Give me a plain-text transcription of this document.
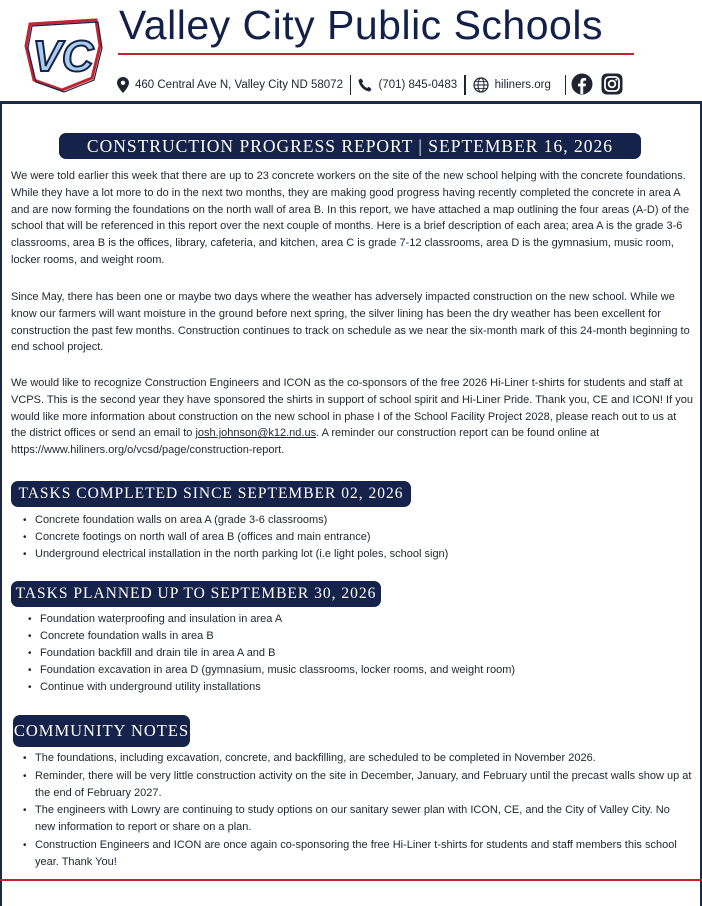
VC
Valley City Public Schools
460 Central Ave N, Valley City ND 58072	(701) 845-0483	hiliners.org
CONSTRUCTION PROGRESS REPORT | SEPTEMBER 16, 2026

We were told earlier this week that there are up to 23 concrete workers on the site of the new school helping with the concrete foundations. While they have a lot more to do in the next two months, they are making good progress having recently completed the concrete in area A and are now forming the foundations on the north wall of area B. In this report, we have attached a map outlining the four areas (A-D) of the school that will be referenced in this report over the next couple of months. Here is a brief description of each area; area A is the grade 3-6 classrooms, area B is the offices, library, cafeteria, and kitchen, area C is grade 7-12 classrooms, area D is the gymnasium, music room, locker rooms, and weight room.

Since May, there has been one or maybe two days where the weather has adversely impacted construction on the new school. While we know our farmers will want moisture in the ground before next spring, the silver lining has been the dry weather has been excellent for construction the past few months. Construction continues to track on schedule as we near the six-month mark of this 24-month beginning to end school project.

We would like to recognize Construction Engineers and ICON as the co-sponsors of the free 2026 Hi-Liner t-shirts for students and staff at VCPS. This is the second year they have sponsored the shirts in support of school spirit and Hi-Liner Pride. Thank you, CE and ICON! If you would like more information about construction on the new school in phase I of the School Facility Project 2028, please reach out to us at the district offices or send an email to josh.johnson@k12.nd.us. A reminder our construction report can be found online at https://www.hiliners.org/o/vcsd/page/construction-report.

TASKS COMPLETED SINCE SEPTEMBER 02, 2026
• Concrete foundation walls on area A (grade 3-6 classrooms)
• Concrete footings on north wall of area B (offices and main entrance)
• Underground electrical installation in the north parking lot (i.e light poles, school sign)
TASKS PLANNED UP TO SEPTEMBER 30, 2026
• Foundation waterproofing and insulation in area A
• Concrete foundation walls in area B
• Foundation backfill and drain tile in area A and B
• Foundation excavation in area D (gymnasium, music classrooms, locker rooms, and weight room)
• Continue with underground utility installations
COMMUNITY NOTES
• The foundations, including excavation, concrete, and backfilling, are scheduled to be completed in November 2026.
• Reminder, there will be very little construction activity on the site in December, January, and February until the precast walls show up at the end of February 2027.
• The engineers with Lowry are continuing to study options on our sanitary sewer plan with ICON, CE, and the City of Valley City. No new information to report or share on a plan.
• Construction Engineers and ICON are once again co-sponsoring the free Hi-Liner t-shirts for students and staff members this school year. Thank You!
